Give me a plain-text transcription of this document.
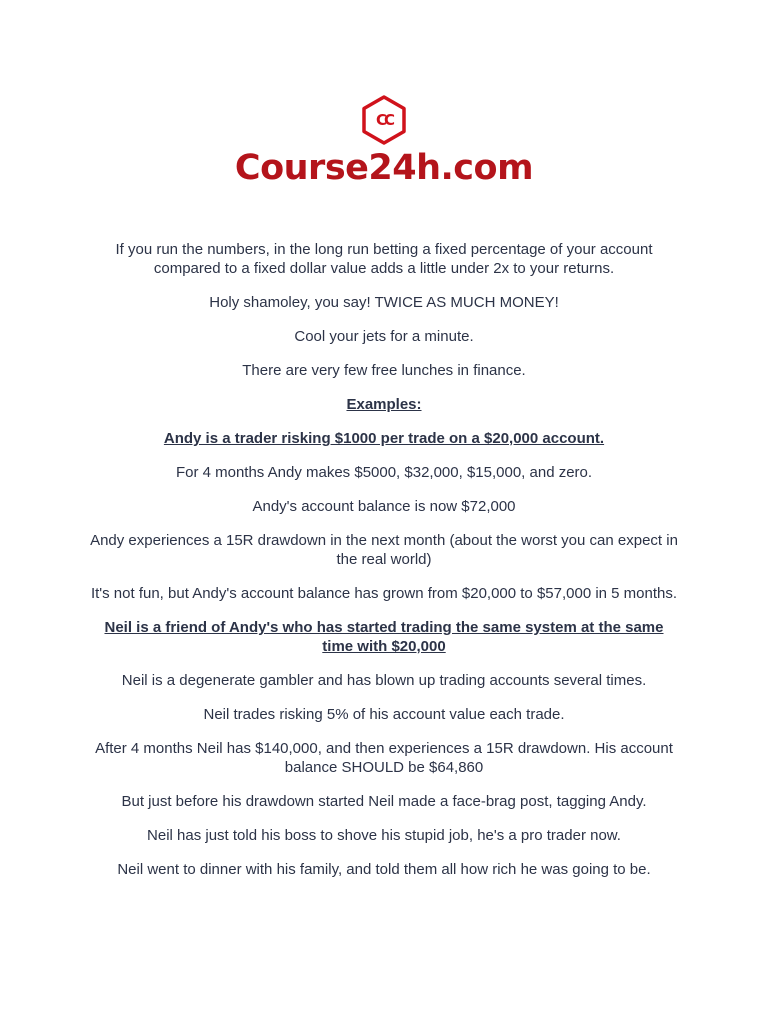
CC
Course24h.com

If you run the numbers, in the long run betting a fixed percentage of your account compared to a fixed dollar value adds a little under 2x to your returns.

Holy shamoley, you say! TWICE AS MUCH MONEY!

Cool your jets for a minute.

There are very few free lunches in finance.

Examples:

Andy is a trader risking $1000 per trade on a $20,000 account.

For 4 months Andy makes $5000, $32,000, $15,000, and zero.

Andy's account balance is now $72,000

Andy experiences a 15R drawdown in the next month (about the worst you can expect in the real world)

It's not fun, but Andy's account balance has grown from $20,000 to $57,000 in 5 months.

Neil is a friend of Andy's who has started trading the same system at the same time with $20,000

Neil is a degenerate gambler and has blown up trading accounts several times.

Neil trades risking 5% of his account value each trade.

After 4 months Neil has $140,000, and then experiences a 15R drawdown. His account balance SHOULD be $64,860

But just before his drawdown started Neil made a face-brag post, tagging Andy.

Neil has just told his boss to shove his stupid job, he's a pro trader now.

Neil went to dinner with his family, and told them all how rich he was going to be.
